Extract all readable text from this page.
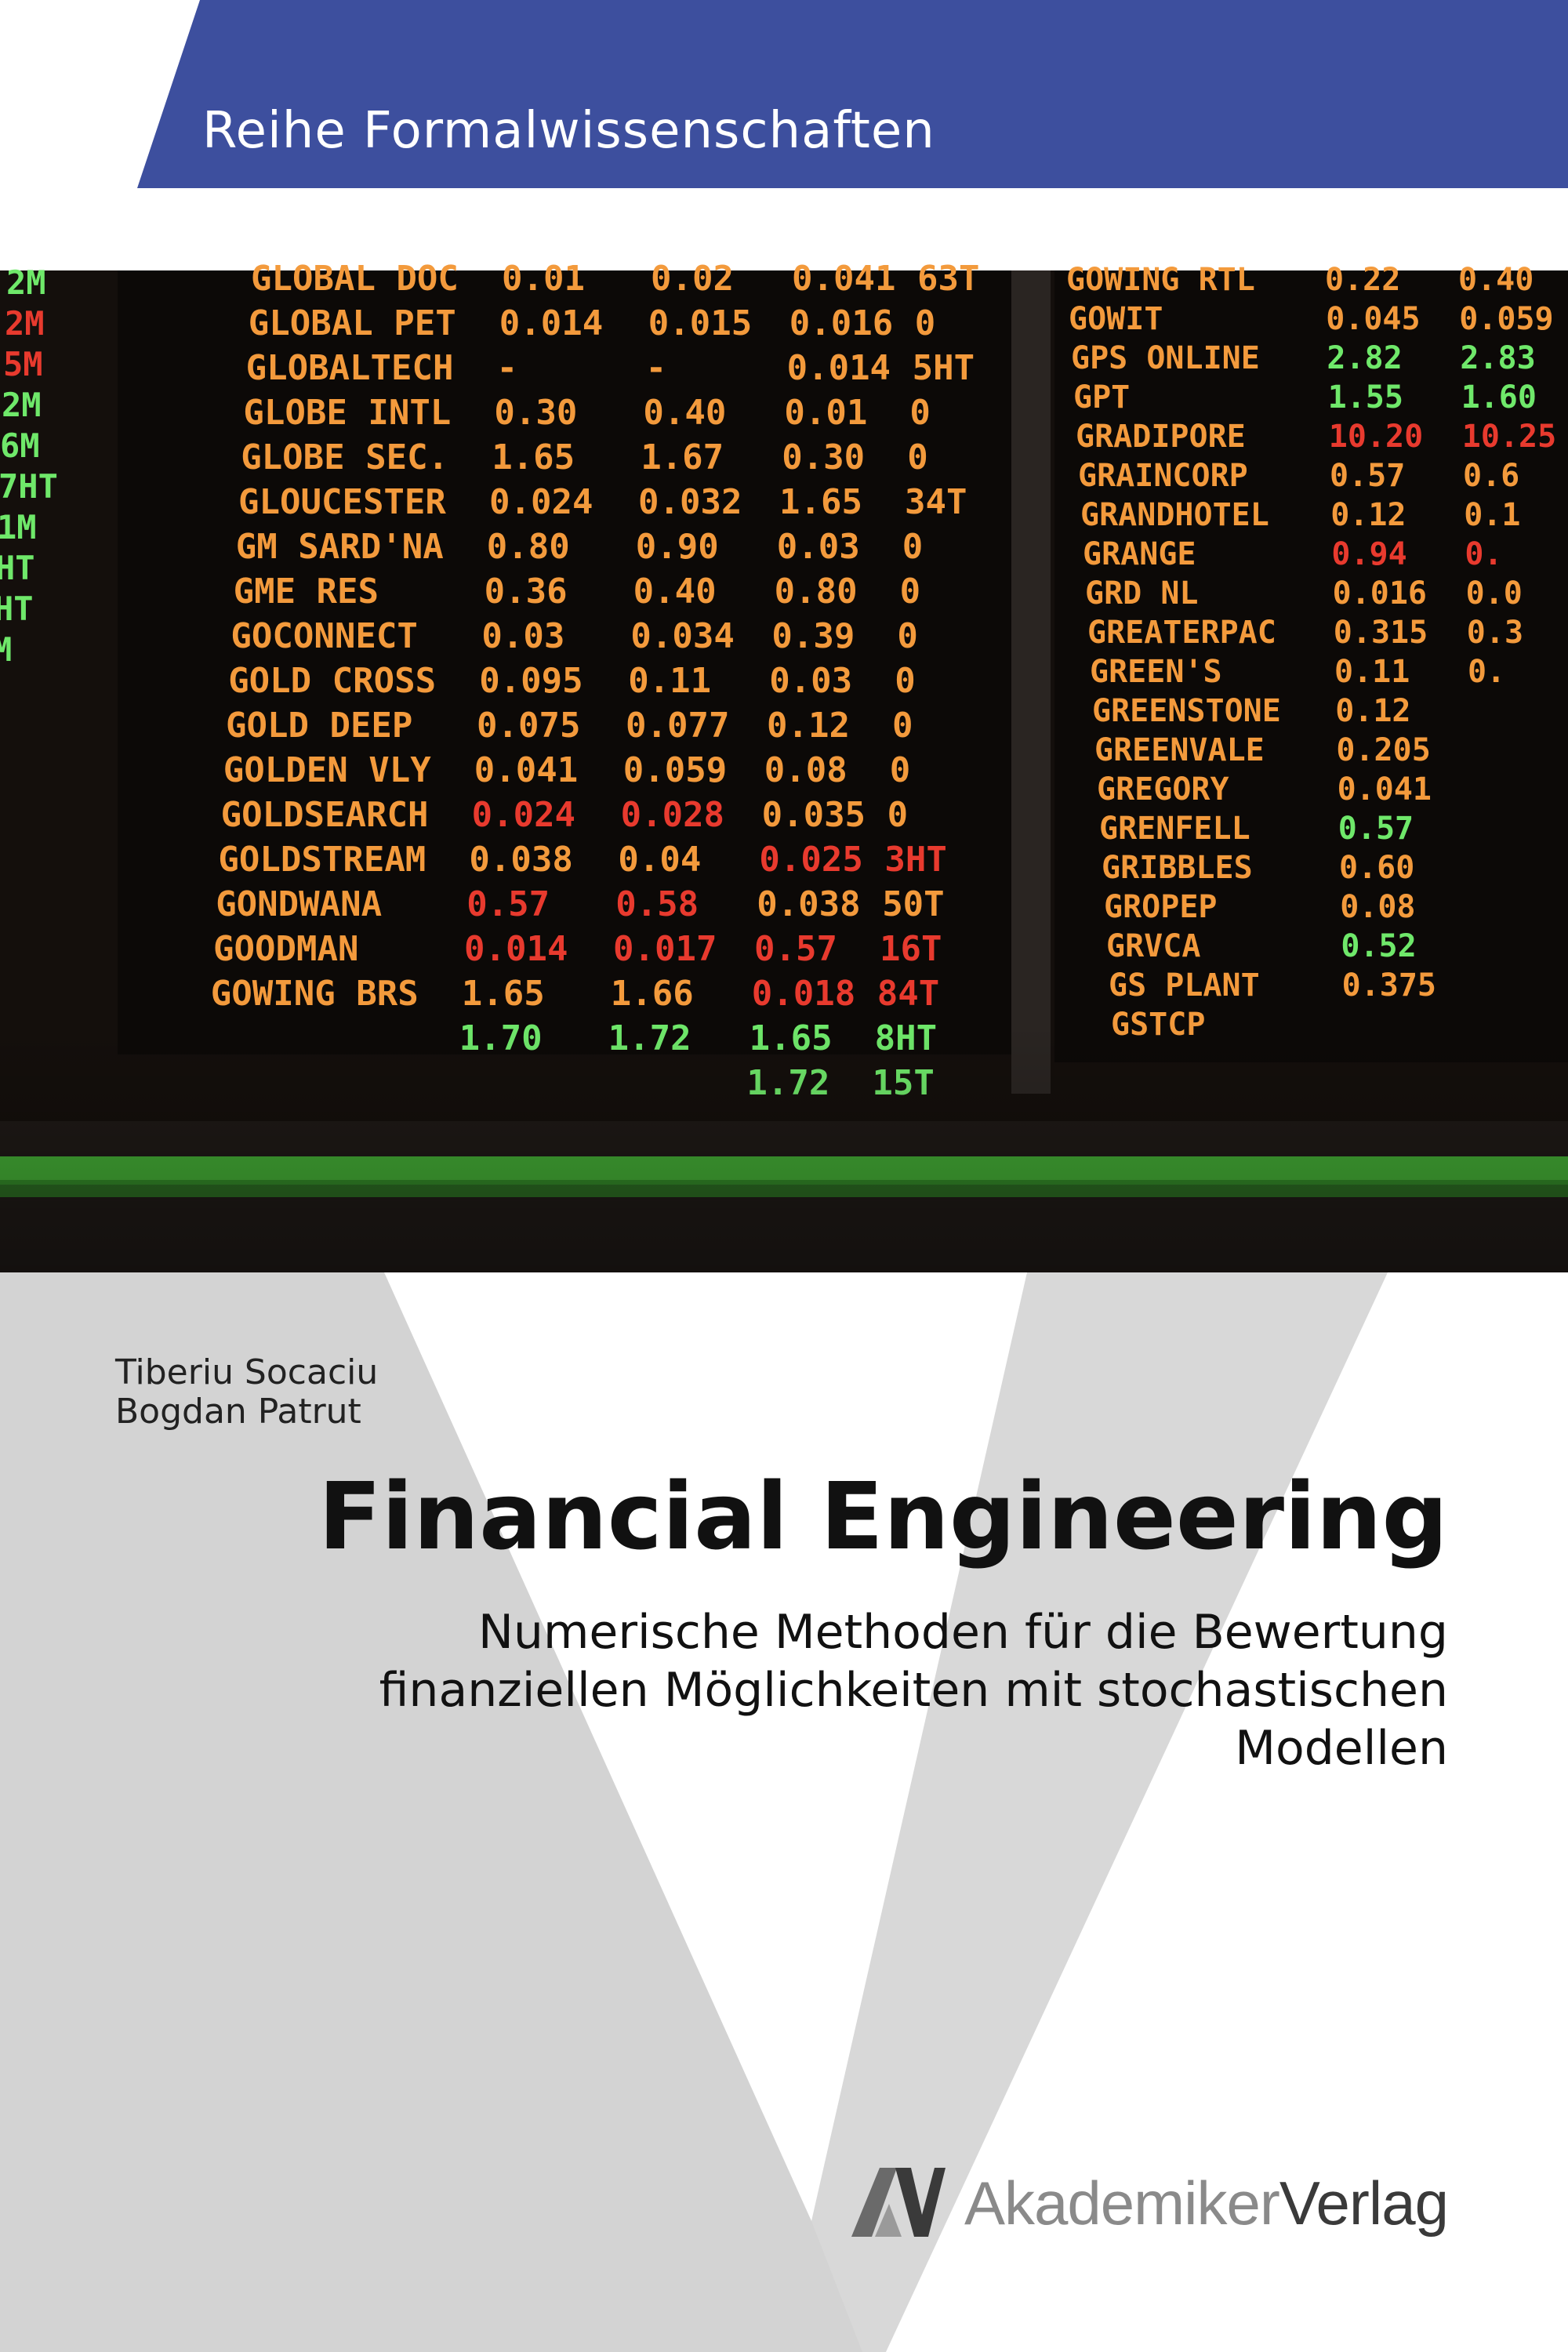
Reihe Formalwissenschaften
Tiberiu Socaciu
Bogdan Patrut
Financial Engineering
Numerische Methoden für die Bewertung
finanziellen Möglichkeiten mit stochastischen
Modellen
AkademikerVerlag
